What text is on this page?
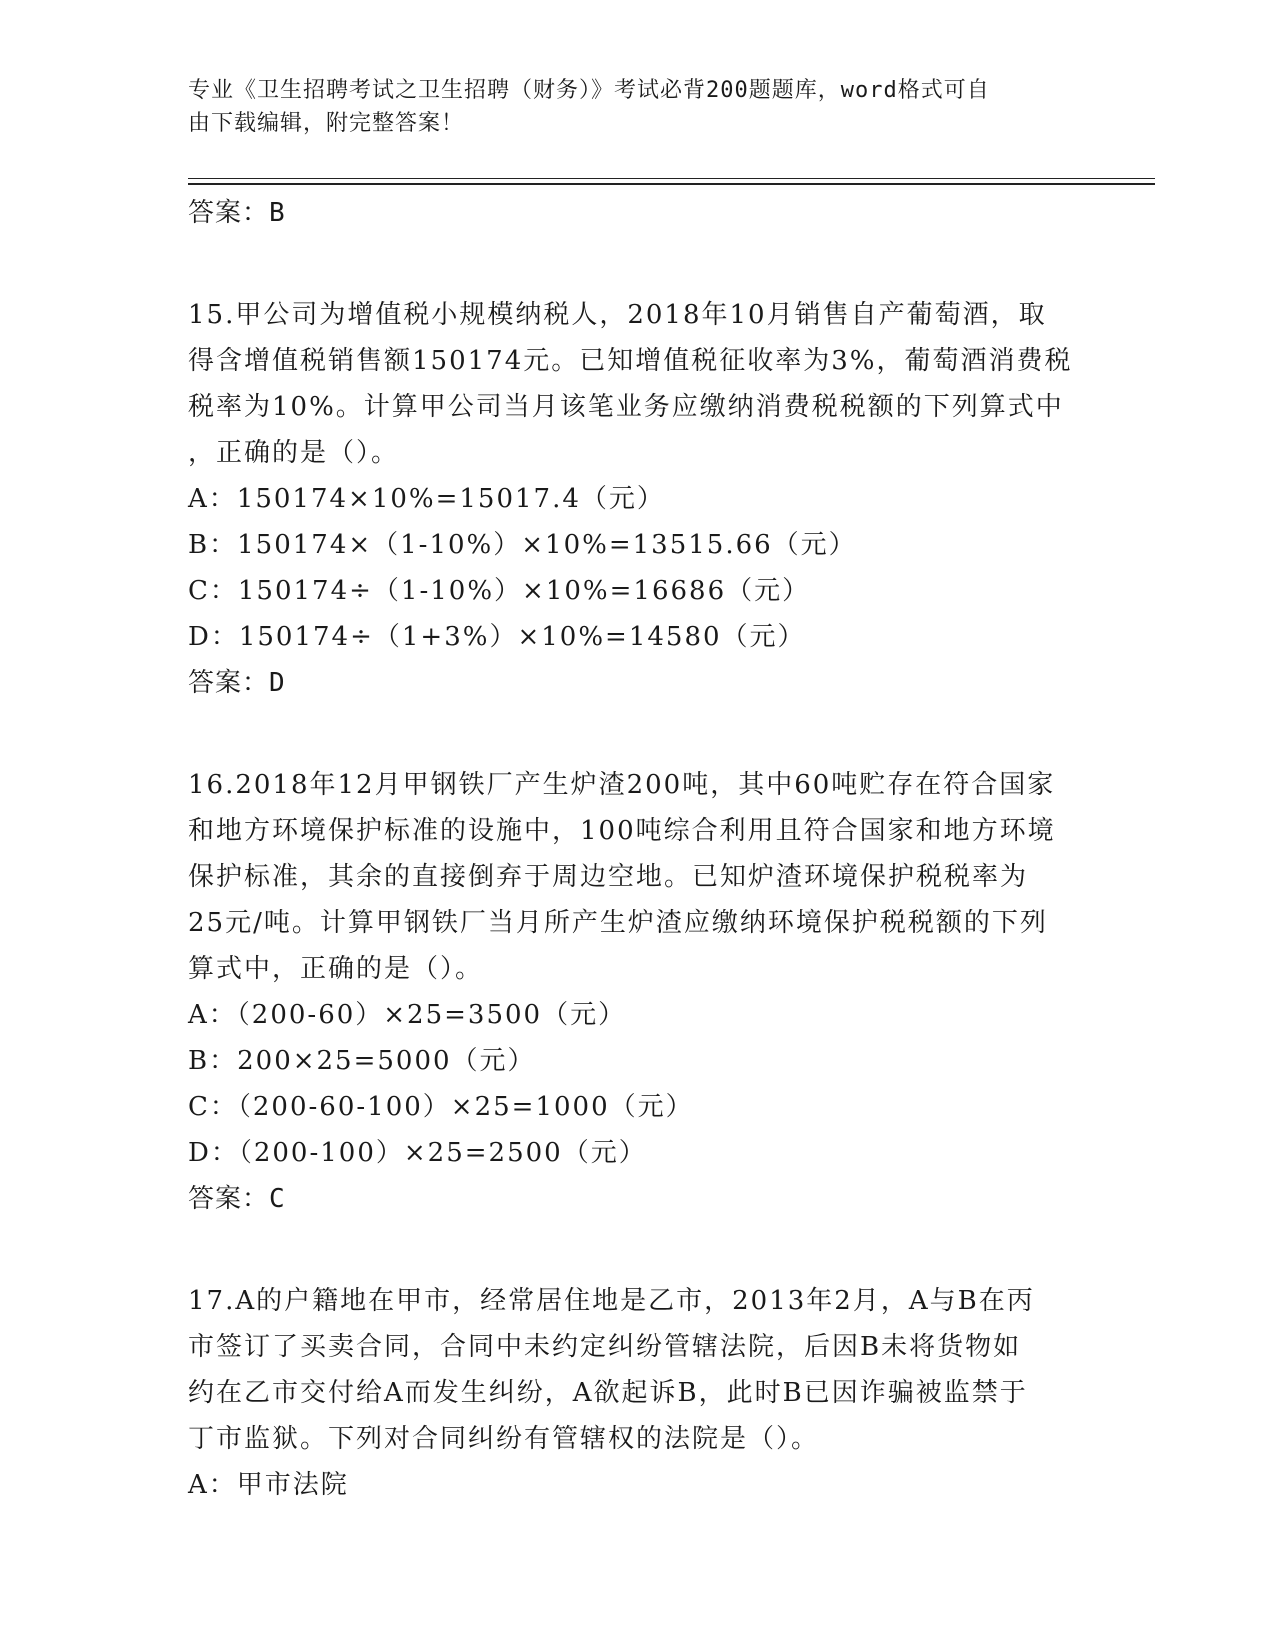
专业《卫生招聘考试之卫生招聘（财务）》考试必背200题题库，word格式可自
由下载编辑，附完整答案！

答案：B

15.甲公司为增值税小规模纳税人，2018年10月销售自产葡萄酒，取
得含增值税销售额150174元。已知增值税征收率为3%，葡萄酒消费税
税率为10%。计算甲公司当月该笔业务应缴纳消费税税额的下列算式中
，正确的是（）。

A：150174×10%=15017.4（元）

B：150174×（1-10%）×10%=13515.66（元）

C：150174÷（1-10%）×10%=16686（元）

D：150174÷（1+3%）×10%=14580（元）

答案：D

16.2018年12月甲钢铁厂产生炉渣200吨，其中60吨贮存在符合国家
和地方环境保护标准的设施中，100吨综合利用且符合国家和地方环境
保护标准，其余的直接倒弃于周边空地。已知炉渣环境保护税税率为
25元/吨。计算甲钢铁厂当月所产生炉渣应缴纳环境保护税税额的下列
算式中，正确的是（）。

A：（200-60）×25=3500（元）

B：200×25=5000（元）

C：（200-60-100）×25=1000（元）

D：（200-100）×25=2500（元）

答案：C

17.A的户籍地在甲市，经常居住地是乙市，2013年2月，A与B在丙
市签订了买卖合同，合同中未约定纠纷管辖法院，后因B未将货物如
约在乙市交付给A而发生纠纷，A欲起诉B，此时B已因诈骗被监禁于
丁市监狱。下列对合同纠纷有管辖权的法院是（）。

A：甲市法院
